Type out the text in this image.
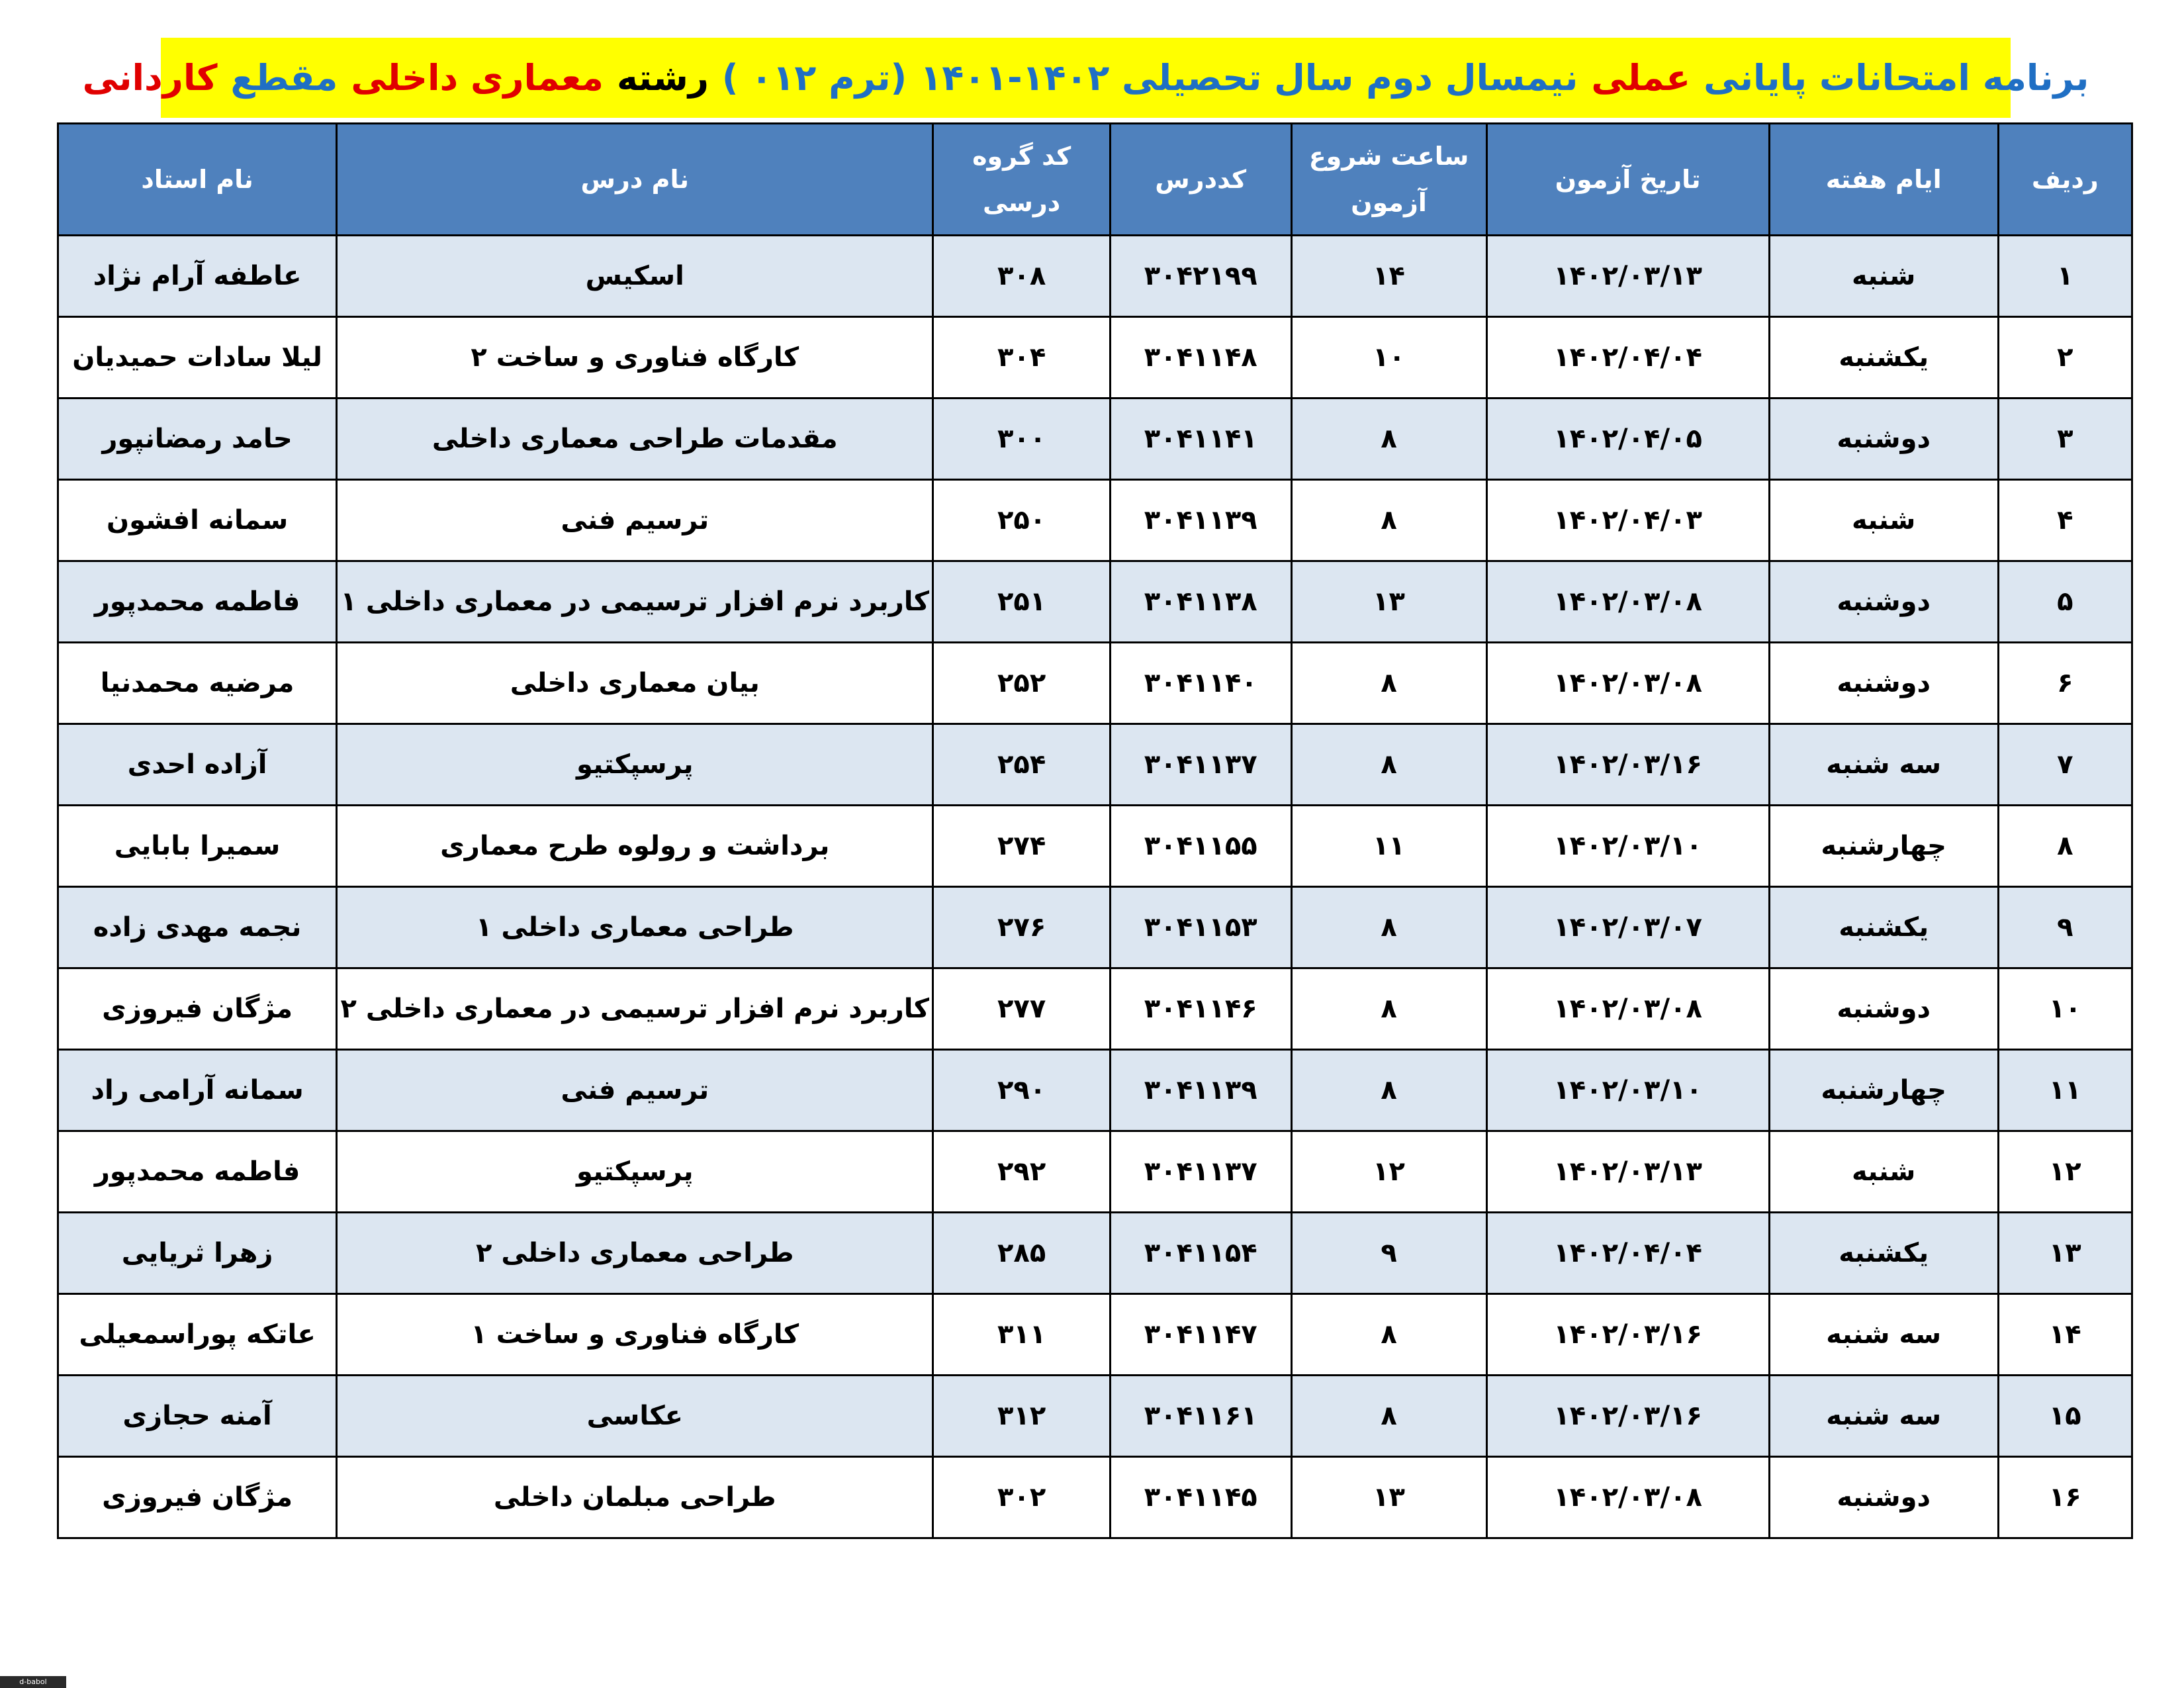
برنامه امتحانات پایانی
عملی
نیمسال دوم سال تحصیلی ۱۴۰۲-۱۴۰۱
(ترم ۰۱۲ )
رشته
معماری داخلی
مقطع
کاردانی
ردیف	ایام هفته	تاریخ آزمون	ساعت شروع آزمون	کددرس	کد گروه درسی	نام درس	نام استاد
۱	شنبه	۱۴۰۲/۰۳/۱۳	۱۴	۳۰۴۲۱۹۹	۳۰۸	اسکیس	عاطفه آرام نژاد
۲	یکشنبه	۱۴۰۲/۰۴/۰۴	۱۰	۳۰۴۱۱۴۸	۳۰۴	کارگاه فناوری و ساخت ۲	لیلا سادات حمیدیان
۳	دوشنبه	۱۴۰۲/۰۴/۰۵	۸	۳۰۴۱۱۴۱	۳۰۰	مقدمات طراحی معماری داخلی	حامد رمضانپور
۴	شنبه	۱۴۰۲/۰۴/۰۳	۸	۳۰۴۱۱۳۹	۲۵۰	ترسیم فنی	سمانه افشون
۵	دوشنبه	۱۴۰۲/۰۳/۰۸	۱۳	۳۰۴۱۱۳۸	۲۵۱	کاربرد نرم افزار ترسیمی در معماری داخلی ۱	فاطمه محمدپور
۶	دوشنبه	۱۴۰۲/۰۳/۰۸	۸	۳۰۴۱۱۴۰	۲۵۲	بیان معماری داخلی	مرضیه محمدنیا
۷	سه شنبه	۱۴۰۲/۰۳/۱۶	۸	۳۰۴۱۱۳۷	۲۵۴	پرسپکتیو	آزاده احدی
۸	چهارشنبه	۱۴۰۲/۰۳/۱۰	۱۱	۳۰۴۱۱۵۵	۲۷۴	برداشت و رولوه طرح معماری	سمیرا بابایی
۹	یکشنبه	۱۴۰۲/۰۳/۰۷	۸	۳۰۴۱۱۵۳	۲۷۶	طراحی معماری داخلی ۱	نجمه مهدی زاده
۱۰	دوشنبه	۱۴۰۲/۰۳/۰۸	۸	۳۰۴۱۱۴۶	۲۷۷	کاربرد نرم افزار ترسیمی در معماری داخلی ۲	مژگان فیروزی
۱۱	چهارشنبه	۱۴۰۲/۰۳/۱۰	۸	۳۰۴۱۱۳۹	۲۹۰	ترسیم فنی	سمانه آرامی راد
۱۲	شنبه	۱۴۰۲/۰۳/۱۳	۱۲	۳۰۴۱۱۳۷	۲۹۲	پرسپکتیو	فاطمه محمدپور
۱۳	یکشنبه	۱۴۰۲/۰۴/۰۴	۹	۳۰۴۱۱۵۴	۲۸۵	طراحی معماری داخلی ۲	زهرا ثریایی
۱۴	سه شنبه	۱۴۰۲/۰۳/۱۶	۸	۳۰۴۱۱۴۷	۳۱۱	کارگاه فناوری و ساخت ۱	عاتکه پوراسمعیلی
۱۵	سه شنبه	۱۴۰۲/۰۳/۱۶	۸	۳۰۴۱۱۶۱	۳۱۲	عکاسی	آمنه حجازی
۱۶	دوشنبه	۱۴۰۲/۰۳/۰۸	۱۳	۳۰۴۱۱۴۵	۳۰۲	طراحی مبلمان داخلی	مژگان فیروزی
d-babol
